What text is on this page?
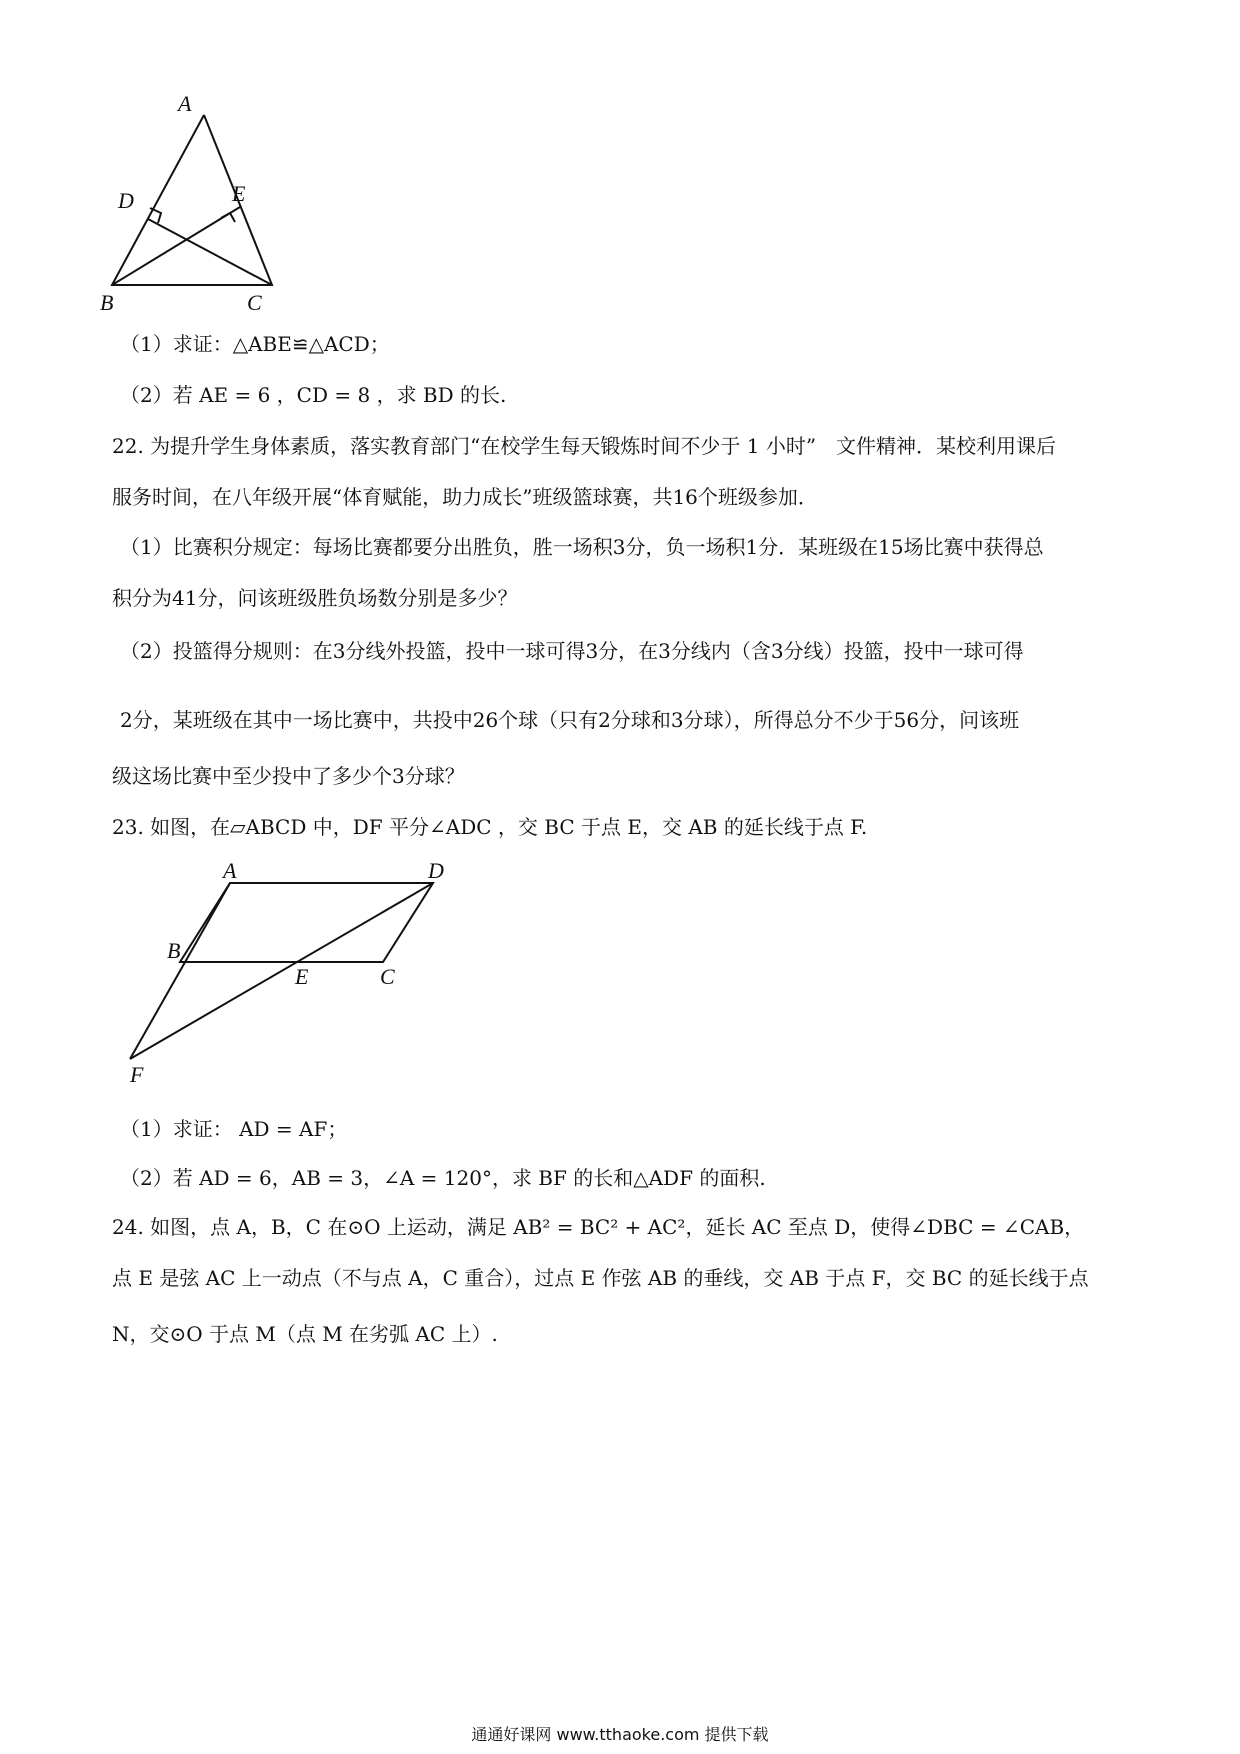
A
D	E
B	C
（1）求证：△ABE≌△ACD；
（2）若 AE = 6 ，CD = 8 ，求 BD 的长.
22. 为提升学生身体素质，落实教育部门“在校学生每天锻炼时间不少于 1 小时”　文件精神．某校利用课后
服务时间，在八年级开展“体育赋能，助力成长”班级篮球赛，共16个班级参加．
（1）比赛积分规定：每场比赛都要分出胜负，胜一场积3分，负一场积1分．某班级在15场比赛中获得总
积分为41分，问该班级胜负场数分别是多少？
（2）投篮得分规则：在3分线外投篮，投中一球可得3分，在3分线内（含3分线）投篮，投中一球可得
2分，某班级在其中一场比赛中，共投中26个球（只有2分球和3分球），所得总分不少于56分，问该班
级这场比赛中至少投中了多少个3分球？
23. 如图，在▱ABCD 中，DF 平分∠ADC ，交 BC 于点 E，交 AB 的延长线于点 F.
A	D
B
E	C
F
（1）求证： AD = AF；
（2）若 AD = 6，AB = 3，∠A = 120°，求 BF 的长和△ADF 的面积.
24. 如图，点 A，B，C 在⊙O 上运动，满足 AB² = BC² + AC²，延长 AC 至点 D，使得∠DBC = ∠CAB，
点 E 是弦 AC 上一动点（不与点 A，C 重合），过点 E 作弦 AB 的垂线，交 AB 于点 F，交 BC 的延长线于点
N，交⊙O 于点 M（点 M 在劣弧 AC 上）.
通通好课网 www.tthaoke.com 提供下载
